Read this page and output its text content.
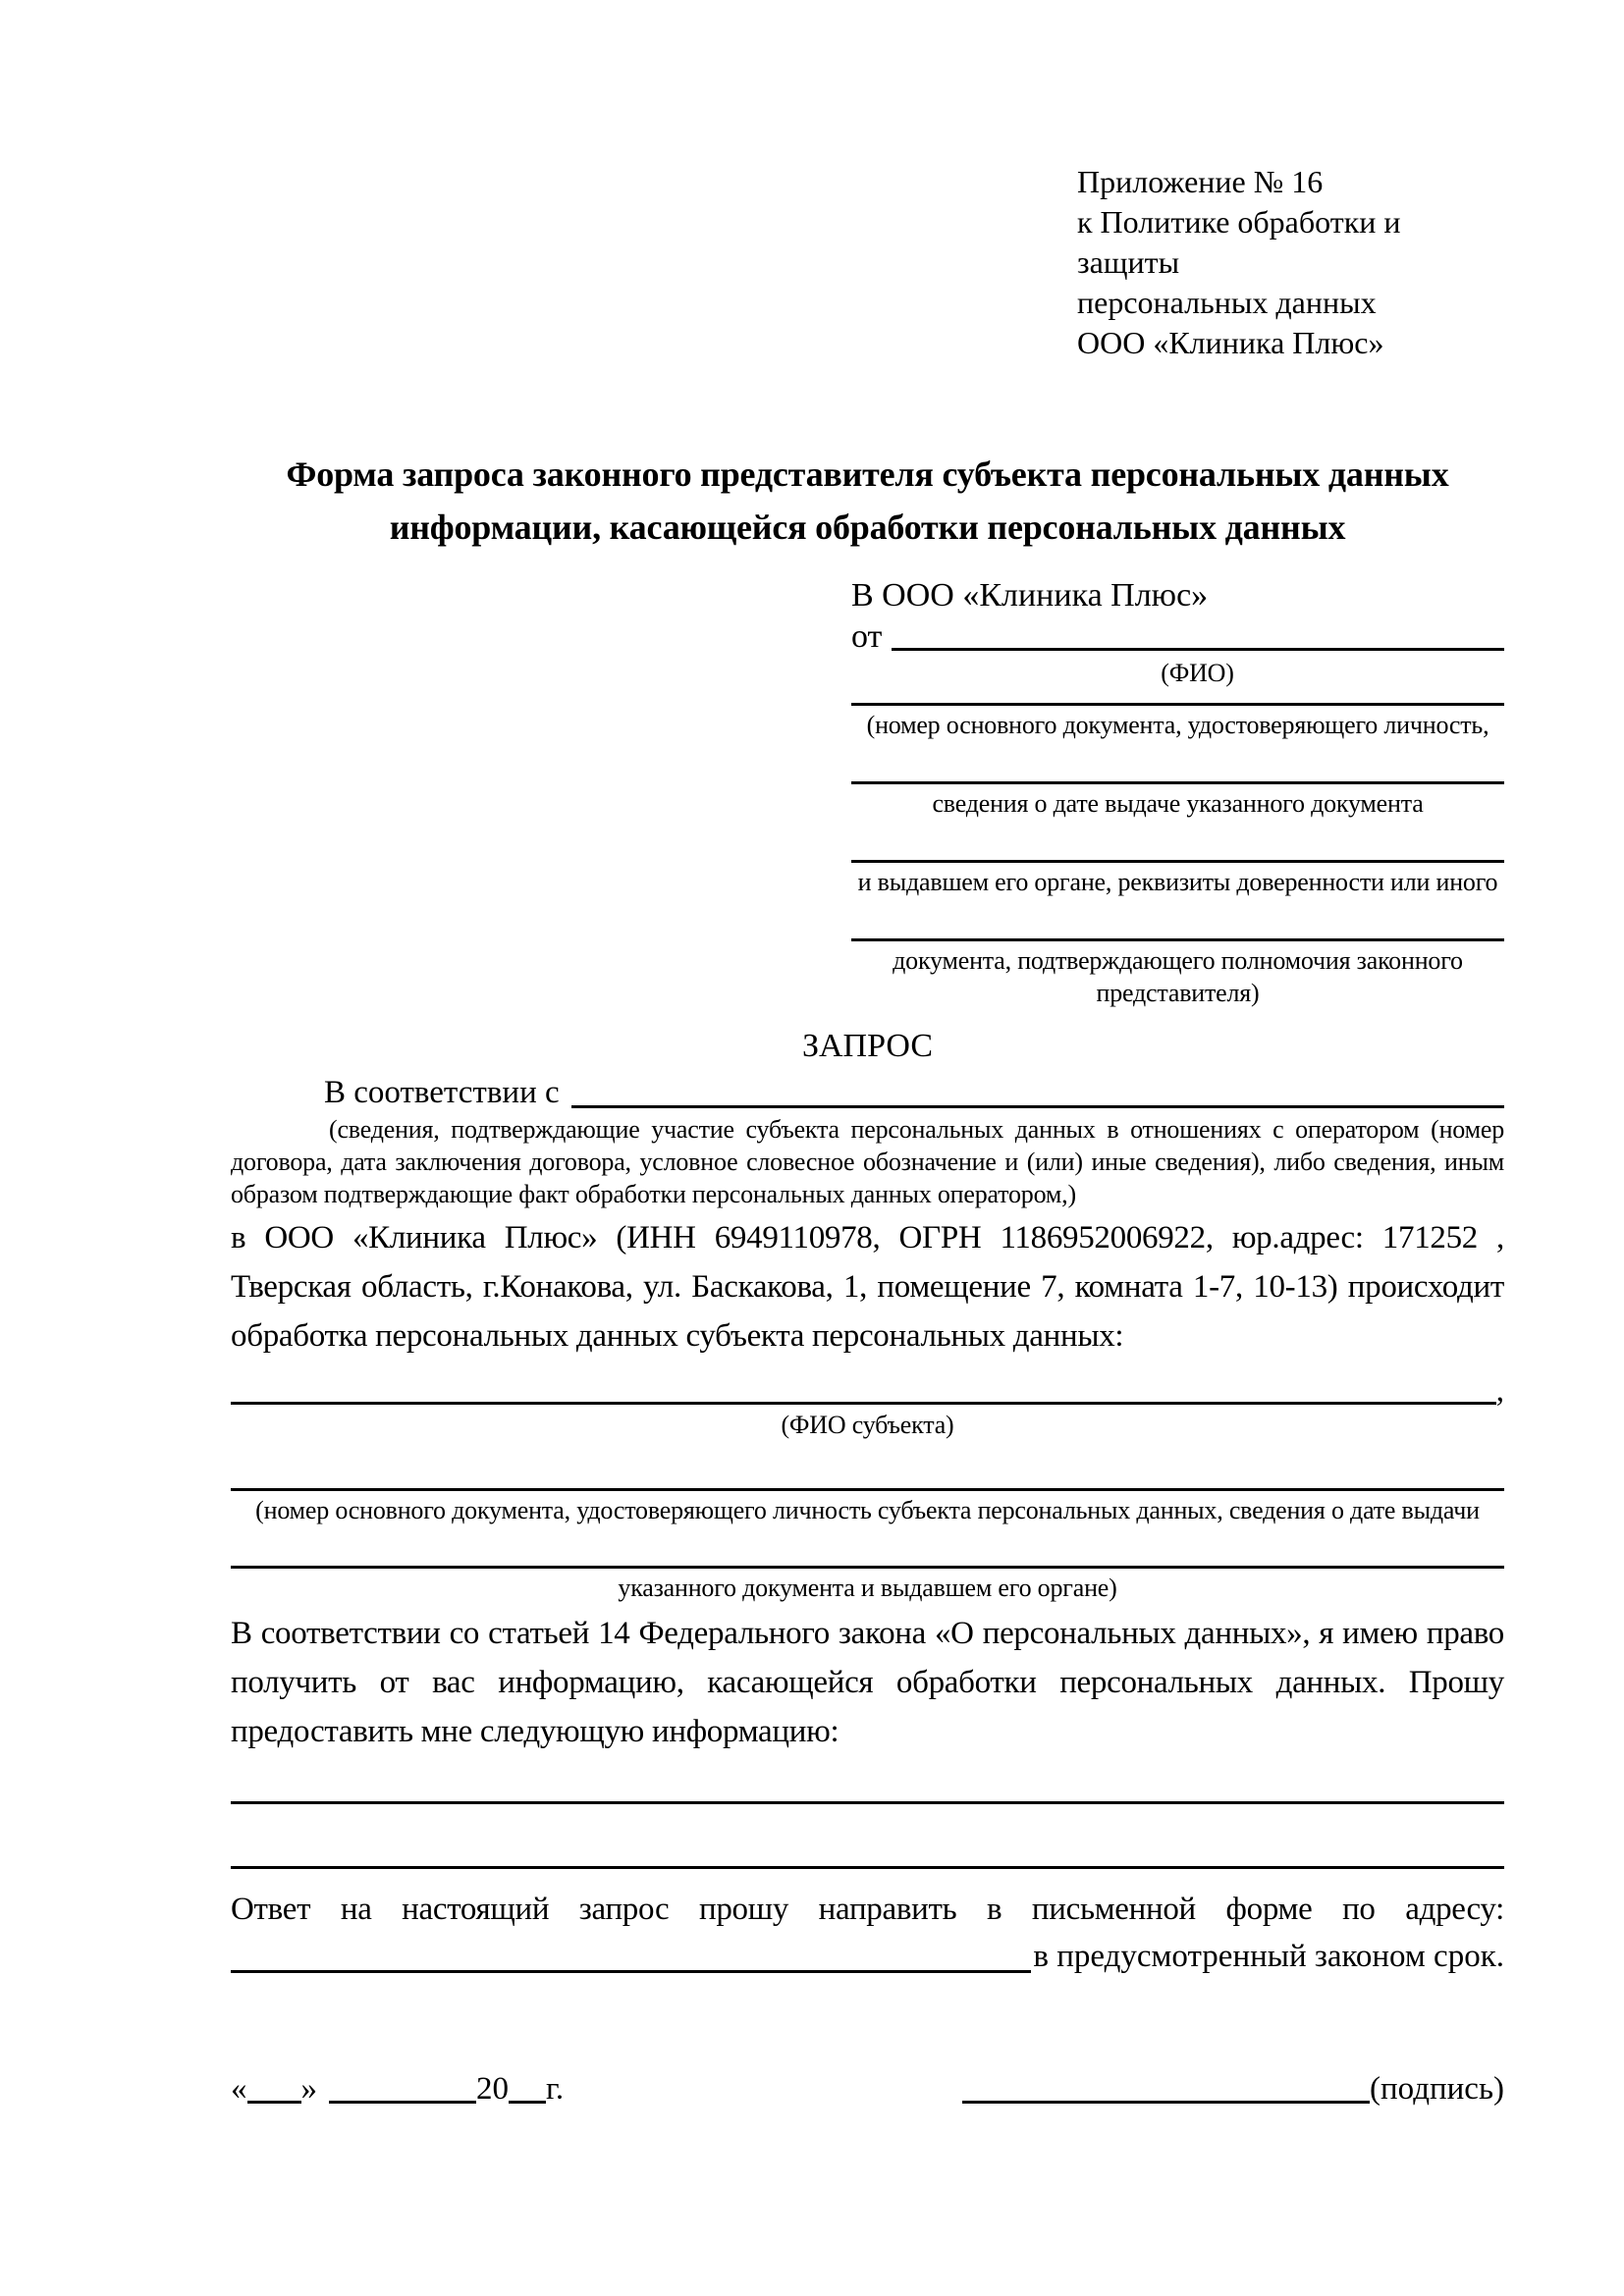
Приложение № 16
к Политике обработки и защиты
персональных данных
ООО «Клиника Плюс»
Форма запроса законного представителя субъекта персональных данных
информации, касающейся обработки персональных данных
В ООО «Клиника Плюс»
от
(ФИО)
(номер основного документа, удостоверяющего личность,
сведения о дате выдаче указанного документа
и выдавшем его органе, реквизиты доверенности или иного
документа, подтверждающего полномочия законного представителя)
ЗАПРОС
В соответствии с

(сведения, подтверждающие участие субъекта персональных данных в отношениях с оператором (номер договора, дата заключения договора, условное словесное обозначение и (или) иные сведения), либо сведения, иным образом подтверждающие факт обработки персональных данных оператором,)

в ООО «Клиника Плюс» (ИНН 6949110978, ОГРН 1186952006922, юр.адрес: 171252 , Тверская область, г.Конакова, ул. Баскакова, 1, помещение 7, комната 1-7, 10-13) происходит обработка персональных данных субъекта персональных данных:

,
(ФИО субъекта)
(номер основного документа, удостоверяющего личность субъекта персональных данных, сведения о дате выдачи
указанного документа и выдавшем его органе)

В соответствии со статьей 14 Федерального закона «О персональных данных», я имею право получить от вас информацию, касающейся обработки персональных данных. Прошу предоставить мне следующую информацию:

Ответ на настоящий запрос прошу направить в письменной форме по адресу:

в предусмотренный законом срок.
« »	20 г.	(подпись)
